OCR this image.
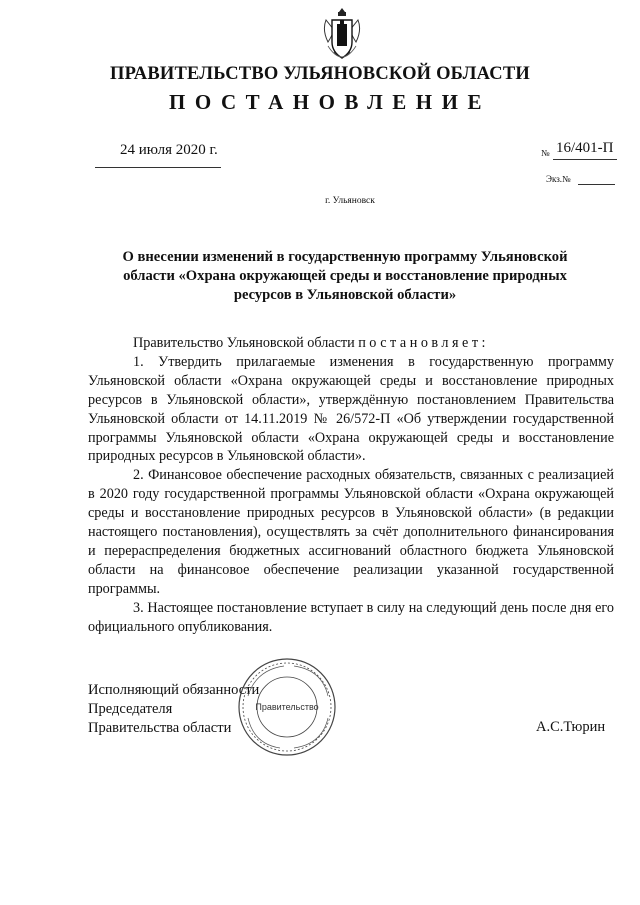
ПРАВИТЕЛЬСТВО УЛЬЯНОВСКОЙ ОБЛАСТИ
ПОСТАНОВЛЕНИЕ
24 июля 2020 г.	№ 16/401-П
Экз.№
г. Ульяновск
О внесении изменений в государственную программу Ульяновской области «Охрана окружающей среды и восстановление природных ресурсов в Ульяновской области»

Правительство Ульяновской области постановляет:

1. Утвердить прилагаемые изменения в государственную программу Ульяновской области «Охрана окружающей среды и восстановление природных ресурсов в Ульяновской области», утверждённую постановлением Правительства Ульяновской области от 14.11.2019 № 26/572-П «Об утверждении государственной программы Ульяновской области «Охрана окружающей среды и восстановление природных ресурсов в Ульяновской области».

2. Финансовое обеспечение расходных обязательств, связанных с реализацией в 2020 году государственной программы Ульяновской области «Охрана окружающей среды и восстановление природных ресурсов в Ульяновской области» (в редакции настоящего постановления), осуществлять за счёт дополнительного финансирования и перераспределения бюджетных ассигнований областного бюджета Ульяновской области на финансовое обеспечение реализации указанной государственной программы.

3. Настоящее постановление вступает в силу на следующий день после дня его официального опубликования.

Исполняющий обязанности
Председателя
Правительства области	А.С.Тюрин
Правительство
